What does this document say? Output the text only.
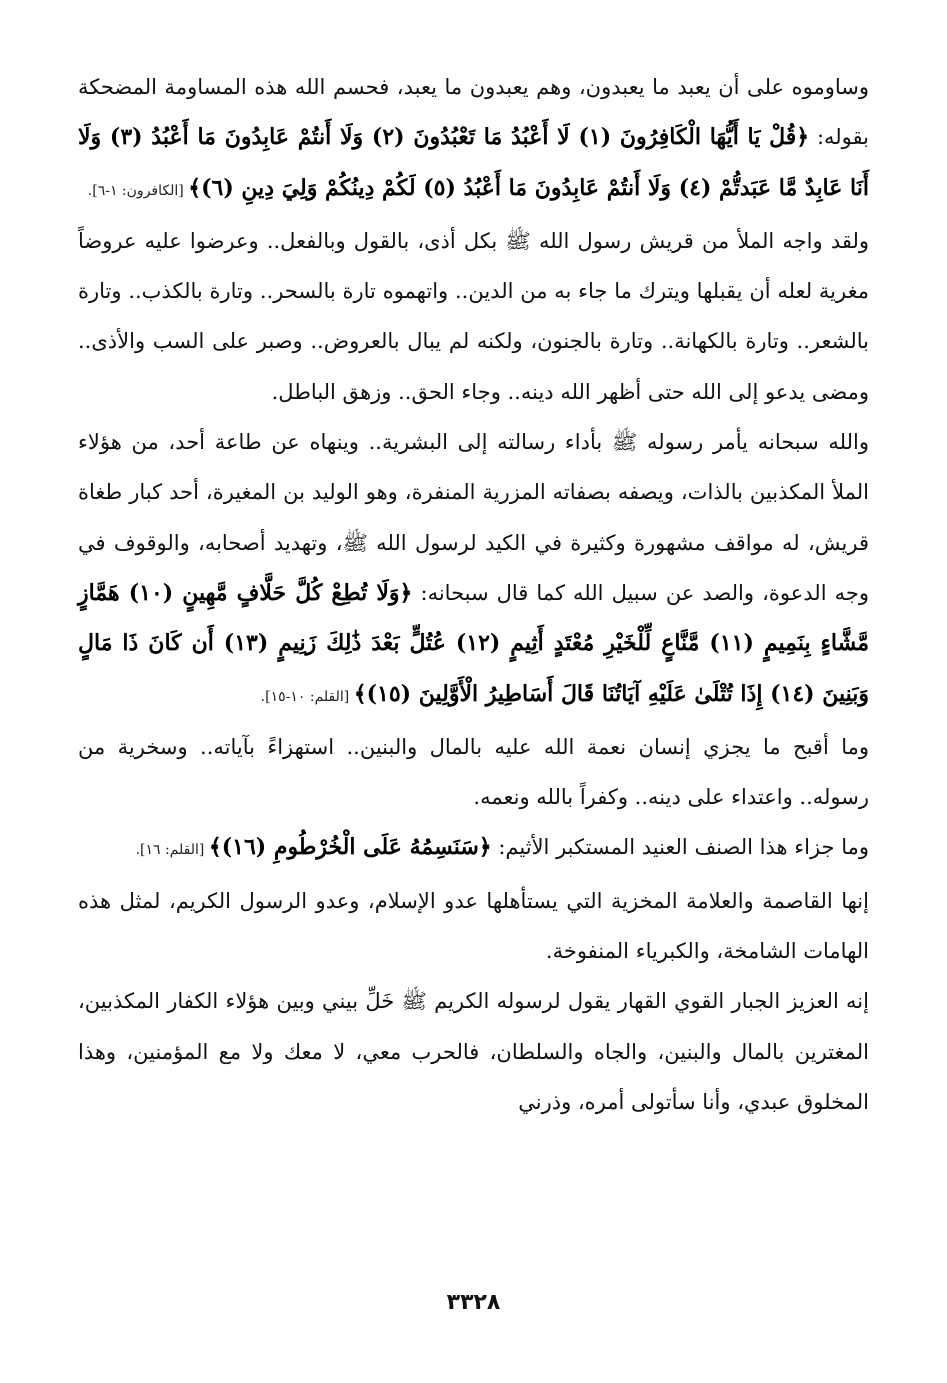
وساوموه على أن يعبد ما يعبدون، وهم يعبدون ما يعبد، فحسم الله هذه المساومة المضحكة بقوله: ﴿قُلْ يَا أَيُّهَا الْكَافِرُونَ (١) لَا أَعْبُدُ مَا تَعْبُدُونَ (٢) وَلَا أَنتُمْ عَابِدُونَ مَا أَعْبُدُ (٣) وَلَا أَنَا عَابِدٌ مَّا عَبَدتُّمْ (٤) وَلَا أَنتُمْ عَابِدُونَ مَا أَعْبُدُ (٥) لَكُمْ دِينُكُمْ وَلِيَ دِينِ (٦)﴾ [الكافرون: ١-٦].

ولقد واجه الملأ من قريش رسول الله ﷺ بكل أذى، بالقول وبالفعل.. وعرضوا عليه عروضاً مغرية لعله أن يقبلها ويترك ما جاء به من الدين.. واتهموه تارة بالسحر.. وتارة بالكذب.. وتارة بالشعر.. وتارة بالكهانة.. وتارة بالجنون، ولكنه لم يبال بالعروض.. وصبر على السب والأذى.. ومضى يدعو إلى الله حتى أظهر الله دينه.. وجاء الحق.. وزهق الباطل.

والله سبحانه يأمر رسوله ﷺ بأداء رسالته إلى البشرية.. وينهاه عن طاعة أحد، من هؤلاء الملأ المكذبين بالذات، ويصفه بصفاته المزرية المنفرة، وهو الوليد بن المغيرة، أحد كبار طغاة قريش، له مواقف مشهورة وكثيرة في الكيد لرسول الله ﷺ، وتهديد أصحابه، والوقوف في وجه الدعوة، والصد عن سبيل الله كما قال سبحانه: ﴿وَلَا تُطِعْ كُلَّ حَلَّافٍ مَّهِينٍ (١٠) هَمَّازٍ مَّشَّاءٍ بِنَمِيمٍ (١١) مَّنَّاعٍ لِّلْخَيْرِ مُعْتَدٍ أَثِيمٍ (١٢) عُتُلٍّ بَعْدَ ذَٰلِكَ زَنِيمٍ (١٣) أَن كَانَ ذَا مَالٍ وَبَنِينَ (١٤) إِذَا تُتْلَىٰ عَلَيْهِ آيَاتُنَا قَالَ أَسَاطِيرُ الْأَوَّلِينَ (١٥)﴾ [القلم: ١٠-١٥].

وما أقبح ما يجزي إنسان نعمة الله عليه بالمال والبنين.. استهزاءً بآياته.. وسخرية من رسوله.. واعتداء على دينه.. وكفراً بالله ونعمه.

وما جزاء هذا الصنف العنيد المستكبر الأثيم: ﴿سَنَسِمُهُ عَلَى الْخُرْطُومِ (١٦)﴾ [القلم: ١٦].

إنها القاصمة والعلامة المخزية التي يستأهلها عدو الإسلام، وعدو الرسول الكريم، لمثل هذه الهامات الشامخة، والكبرياء المنفوخة.

إنه العزيز الجبار القوي القهار يقول لرسوله الكريم ﷺ خَلِّ بيني وبين هؤلاء الكفار المكذبين، المغترين بالمال والبنين، والجاه والسلطان، فالحرب معي، لا معك ولا مع المؤمنين، وهذا المخلوق عبدي، وأنا سأتولى أمره، وذرني

٣٣٢٨
